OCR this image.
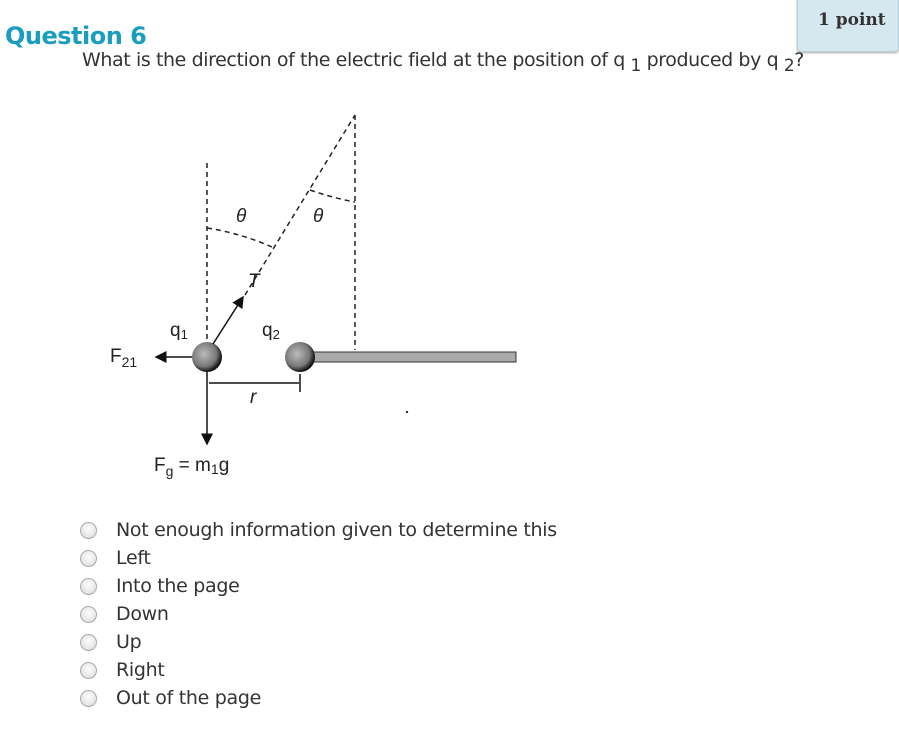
1 point
Question 6
What is the direction of the electric field at the position of q $_1$ produced by q $_2$?
θ	θ
T
q1	q2
$F_{21}$
r
$F_g = m1g$
Not enough information given to determine this
Left
Into the page
Down
Up
Right
Out of the page
